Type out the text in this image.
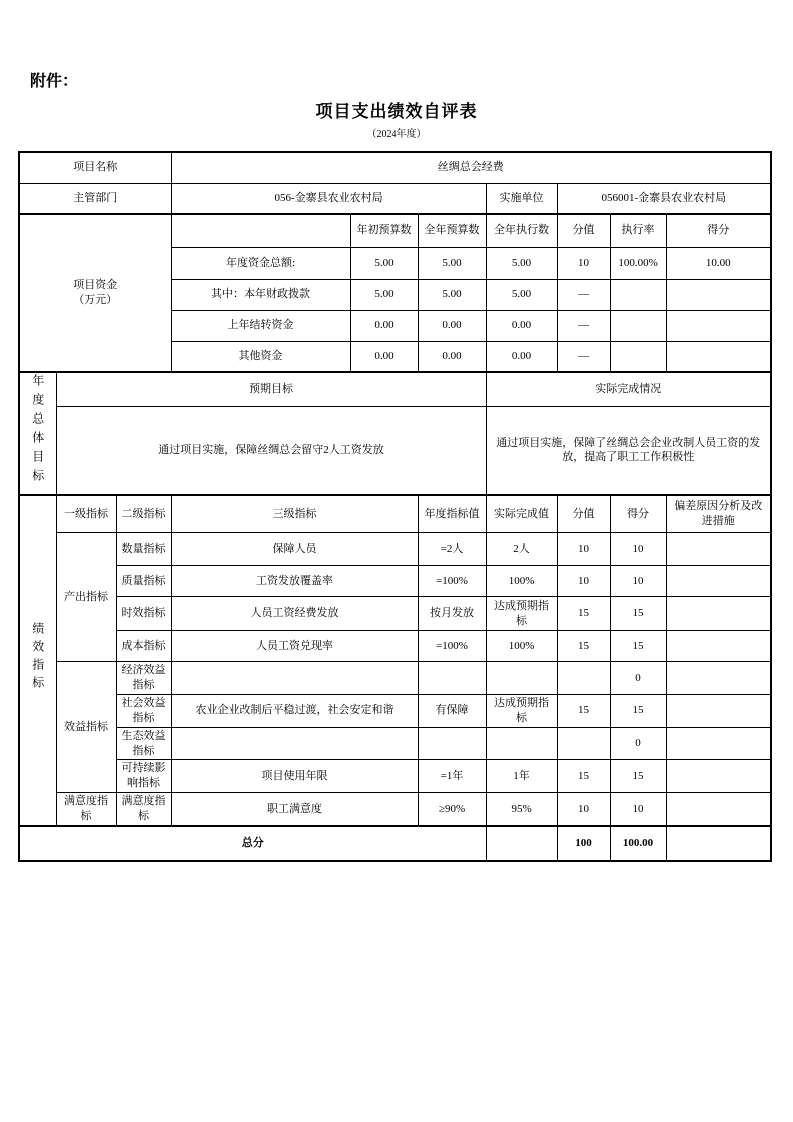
附件：
项目支出绩效自评表
（2024年度）
项目名称			丝绸总会经费						
主管部门			056-金寨县农业农村局			实施单位	056001-金寨县农业农村局		
项目资金
（万元）				年初预算数	全年预算数	全年执行数	分值	执行率	得分
			年度资金总额:	5.00	5.00	5.00	10	100.00%	10.00
			其中：本年财政拨款	5.00	5.00	5.00	—		
			上年结转资金	0.00	0.00	0.00	—		
			其他资金	0.00	0.00	0.00	—		
年度总体目标	预期目标					实际完成情况			
	通过项目实施，保障丝绸总会留守2人工资发放					通过项目实施，保障了丝绸总会企业改制人员工资的发放，提高了职工工作积极性			
绩效指标	一级指标	二级指标	三级指标		年度指标值	实际完成值	分值	得分	偏差原因分析及改进措施
	产出指标	数量指标	保障人员		=2人	2人	10	10	
		质量指标	工资发放覆盖率		=100%	100%	10	10	
		时效指标	人员工资经费发放		按月发放	达成预期指标	15	15	
		成本指标	人员工资兑现率		=100%	100%	15	15	
	效益指标	经济效益指标						0	
		社会效益指标	农业企业改制后平稳过渡，社会安定和谐		有保障	达成预期指标	15	15	
		生态效益指标						0	
		可持续影响指标	项目使用年限		=1年	1年	15	15	
	满意度指标	满意度指标	职工满意度		≥90%	95%	10	10	
总分							100	100.00	
